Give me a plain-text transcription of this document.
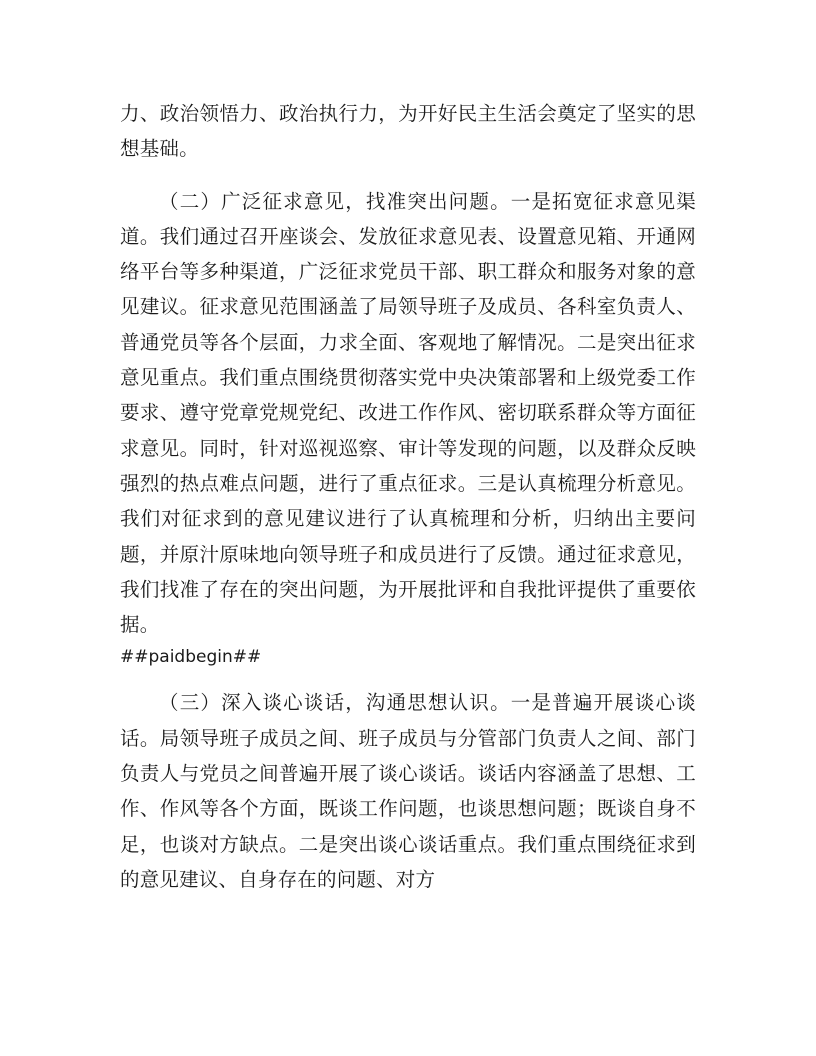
力、政治领悟力、政治执行力，为开好民主生活会奠定了坚实的思想基础。

（二）广泛征求意见，找准突出问题。一是拓宽征求意见渠道。我们通过召开座谈会、发放征求意见表、设置意见箱、开通网络平台等多种渠道，广泛征求党员干部、职工群众和服务对象的意见建议。征求意见范围涵盖了局领导班子及成员、各科室负责人、普通党员等各个层面，力求全面、客观地了解情况。二是突出征求意见重点。我们重点围绕贯彻落实党中央决策部署和上级党委工作要求、遵守党章党规党纪、改进工作作风、密切联系群众等方面征求意见。同时，针对巡视巡察、审计等发现的问题，以及群众反映强烈的热点难点问题，进行了重点征求。三是认真梳理分析意见。我们对征求到的意见建议进行了认真梳理和分析，归纳出主要问题，并原汁原味地向领导班子和成员进行了反馈。通过征求意见，我们找准了存在的突出问题，为开展批评和自我批评提供了重要依据。

##paidbegin##

（三）深入谈心谈话，沟通思想认识。一是普遍开展谈心谈话。局领导班子成员之间、班子成员与分管部门负责人之间、部门负责人与党员之间普遍开展了谈心谈话。谈话内容涵盖了思想、工作、作风等各个方面，既谈工作问题，也谈思想问题；既谈自身不足，也谈对方缺点。二是突出谈心谈话重点。我们重点围绕征求到的意见建议、自身存在的问题、对方
